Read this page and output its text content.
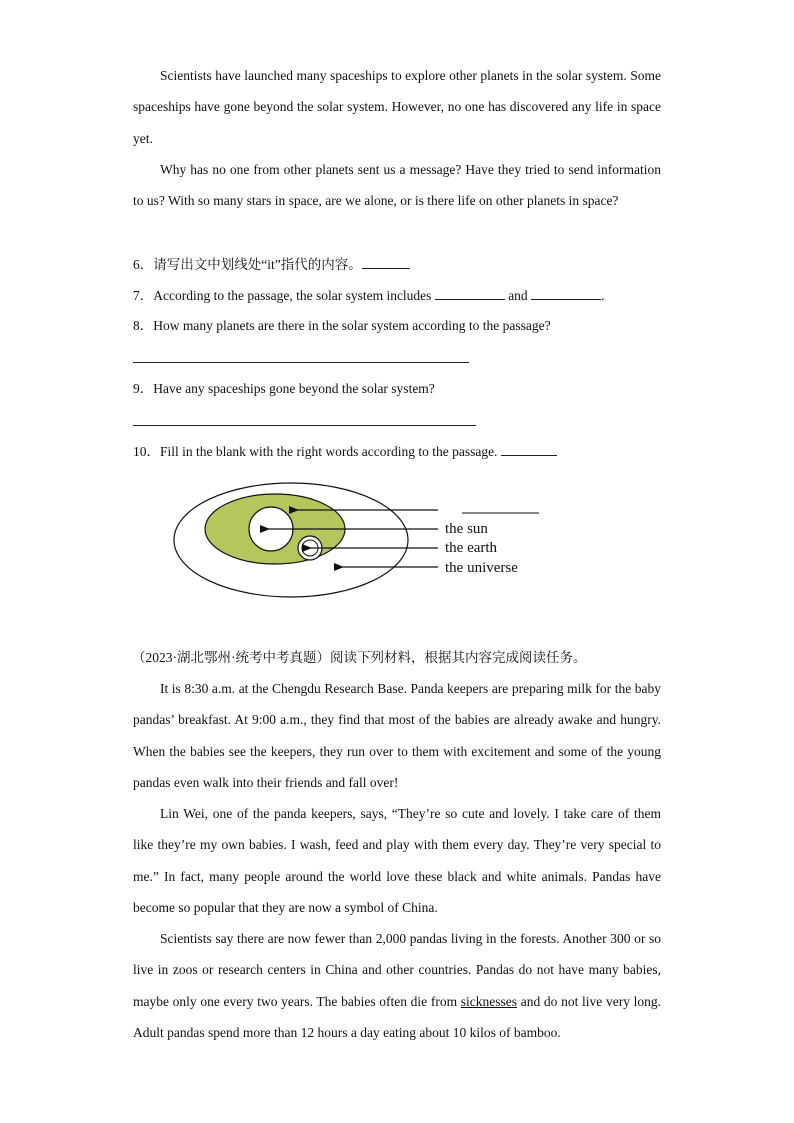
Scientists have launched many spaceships to explore other planets in the solar system. Some spaceships have gone beyond the solar system. However, no one has discovered any life in space yet.

Why has no one from other planets sent us a message? Have they tried to send information to us? With so many stars in space, are we alone, or is there life on other planets in space?

6．请写出文中划线处“it”指代的内容。
7．According to the passage, the solar system includes	and	.
8．How many planets are there in the solar system according to the passage?
9．Have any spaceships gone beyond the solar system?
10．Fill in the blank with the right words according to the passage.
the sun
the earth
the universe
（2023·湖北鄂州·统考中考真题）阅读下列材料，根据其内容完成阅读任务。

It is 8:30 a.m. at the Chengdu Research Base. Panda keepers are preparing milk for the baby pandas’ breakfast. At 9:00 a.m., they find that most of the babies are already awake and hungry. When the babies see the keepers, they run over to them with excitement and some of the young pandas even walk into their friends and fall over!

Lin Wei, one of the panda keepers, says, “They’re so cute and lovely. I take care of them like they’re my own babies. I wash, feed and play with them every day. They’re very special to me.” In fact, many people around the world love these black and white animals. Pandas have become so popular that they are now a symbol of China.

Scientists say there are now fewer than 2,000 pandas living in the forests. Another 300 or so live in zoos or research centers in China and other countries. Pandas do not have many babies, maybe only one every two years. The babies often die from sicknesses and do not live very long. Adult pandas spend more than 12 hours a day eating about 10 kilos of bamboo.
